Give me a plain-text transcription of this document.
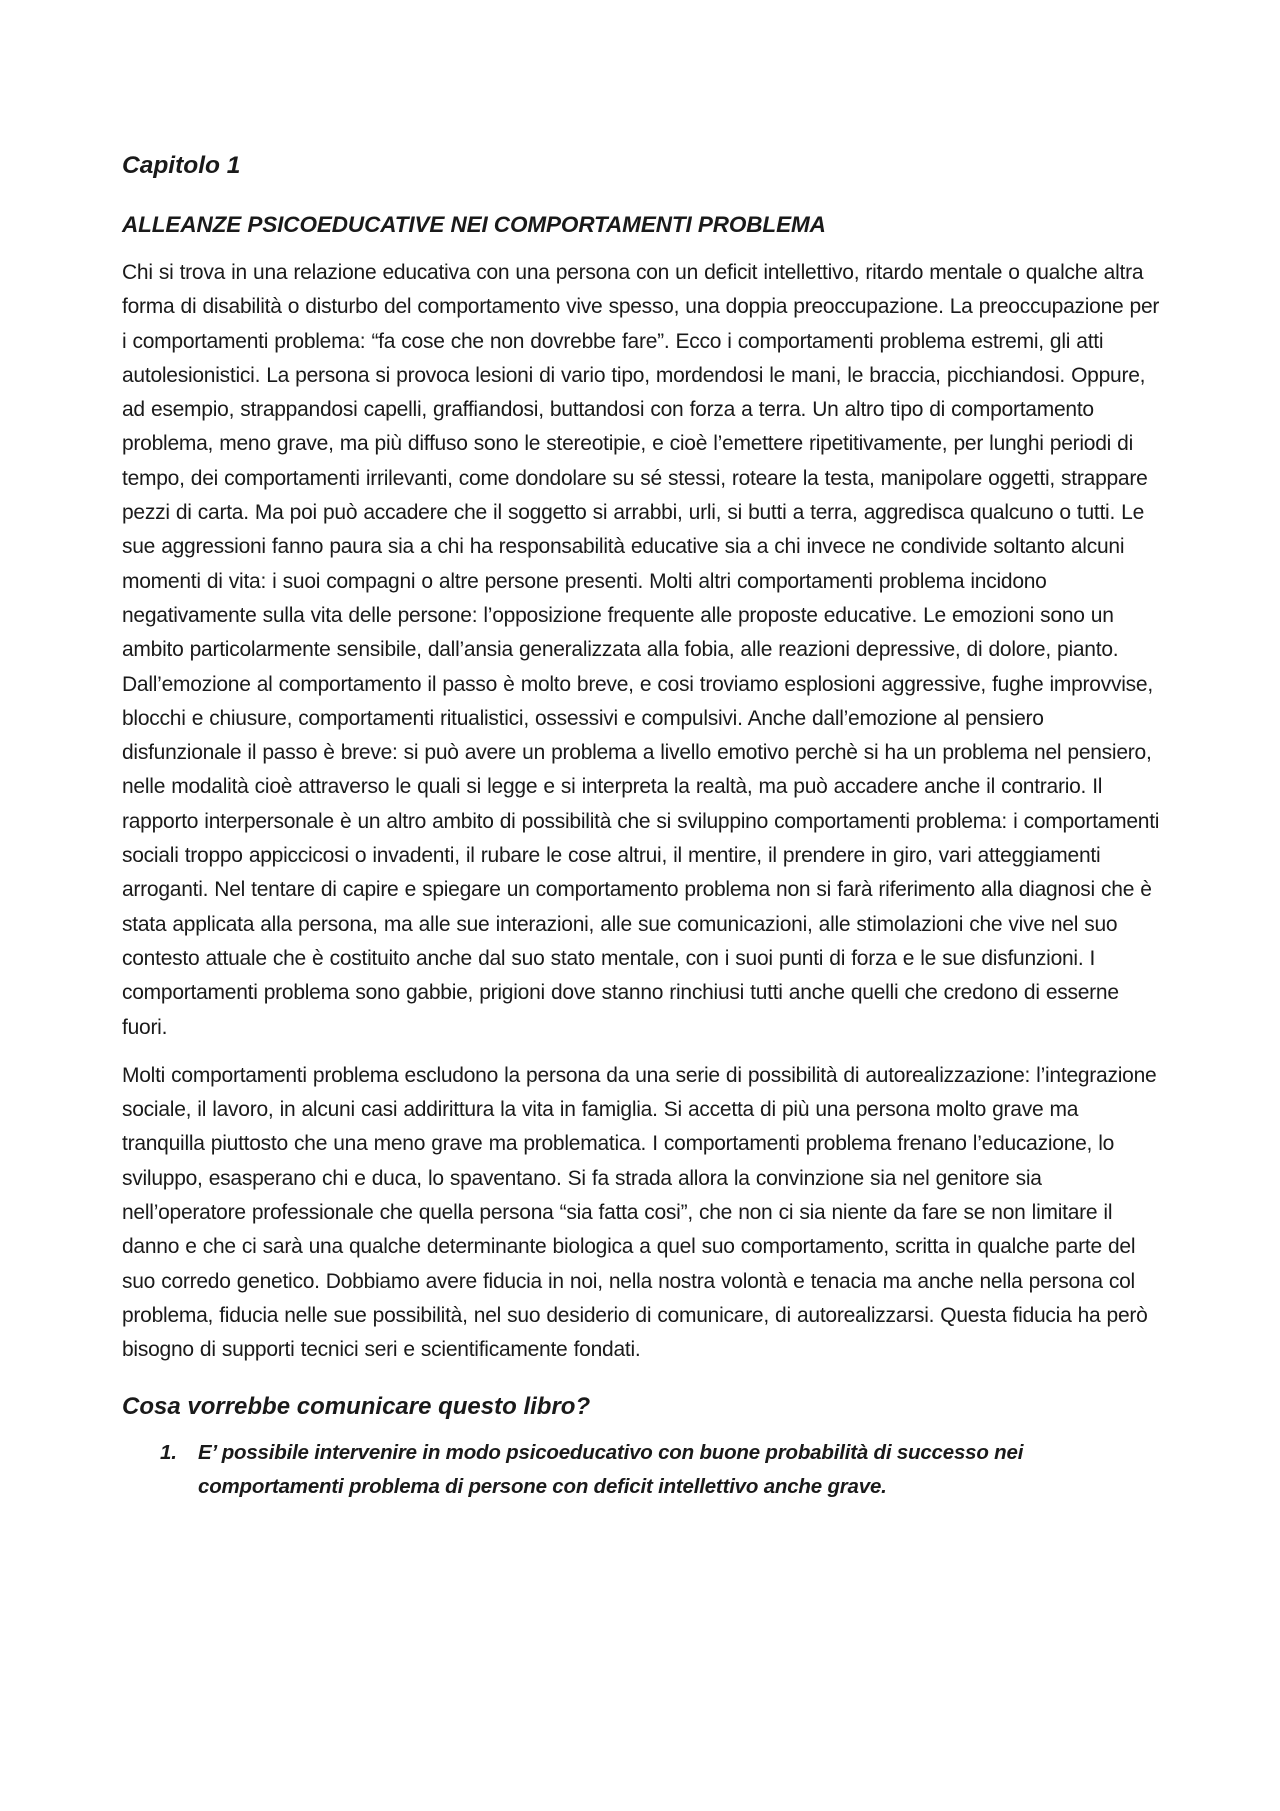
Capitolo 1
ALLEANZE PSICOEDUCATIVE NEI COMPORTAMENTI PROBLEMA

Chi si trova in una relazione educativa con una persona con un deficit intellettivo, ritardo mentale o qualche altra forma di disabilità o disturbo del comportamento vive spesso, una doppia preoccupazione. La preoccupazione per i comportamenti problema: “fa cose che non dovrebbe fare”. Ecco i comportamenti problema estremi, gli atti autolesionistici. La persona si provoca lesioni di vario tipo, mordendosi le mani, le braccia, picchiandosi. Oppure, ad esempio, strappandosi capelli, graffiandosi, buttandosi con forza a terra. Un altro tipo di comportamento problema, meno grave, ma più diffuso sono le stereotipie, e cioè l’emettere ripetitivamente, per lunghi periodi di tempo, dei comportamenti irrilevanti, come dondolare su sé stessi, roteare la testa, manipolare oggetti, strappare pezzi di carta. Ma poi può accadere che il soggetto si arrabbi, urli, si butti a terra, aggredisca qualcuno o tutti. Le sue aggressioni fanno paura sia a chi ha responsabilità educative sia a chi invece ne condivide soltanto alcuni momenti di vita: i suoi compagni o altre persone presenti. Molti altri comportamenti problema incidono negativamente sulla vita delle persone: l’opposizione frequente alle proposte educative. Le emozioni sono un ambito particolarmente sensibile, dall’ansia generalizzata alla fobia, alle reazioni depressive, di dolore, pianto. Dall’emozione al comportamento il passo è molto breve, e cosi troviamo esplosioni aggressive, fughe improvvise, blocchi e chiusure, comportamenti ritualistici, ossessivi e compulsivi. Anche dall’emozione al pensiero disfunzionale il passo è breve: si può avere un problema a livello emotivo perchè si ha un problema nel pensiero, nelle modalità cioè attraverso le quali si legge e si interpreta la realtà, ma può accadere anche il contrario. Il rapporto interpersonale è un altro ambito di possibilità che si sviluppino comportamenti problema: i comportamenti sociali troppo appiccicosi o invadenti, il rubare le cose altrui, il mentire, il prendere in giro, vari atteggiamenti arroganti. Nel tentare di capire e spiegare un comportamento problema non si farà riferimento alla diagnosi che è stata applicata alla persona, ma alle sue interazioni, alle sue comunicazioni, alle stimolazioni che vive nel suo contesto attuale che è costituito anche dal suo stato mentale, con i suoi punti di forza e le sue disfunzioni. I comportamenti problema sono gabbie, prigioni dove stanno rinchiusi tutti anche quelli che credono di esserne fuori.

Molti comportamenti problema escludono la persona da una serie di possibilità di autorealizzazione: l’integrazione sociale, il lavoro, in alcuni casi addirittura la vita in famiglia. Si accetta di più una persona molto grave ma tranquilla piuttosto che una meno grave ma problematica. I comportamenti problema frenano l’educazione, lo sviluppo, esasperano chi e duca, lo spaventano. Si fa strada allora la convinzione sia nel genitore sia nell’operatore professionale che quella persona “sia fatta cosi”, che non ci sia niente da fare se non limitare il danno e che ci sarà una qualche determinante biologica a quel suo comportamento, scritta in qualche parte del suo corredo genetico. Dobbiamo avere fiducia in noi, nella nostra volontà e tenacia ma anche nella persona col problema, fiducia nelle sue possibilità, nel suo desiderio di comunicare, di autorealizzarsi. Questa fiducia ha però bisogno di supporti tecnici seri e scientificamente fondati.

Cosa vorrebbe comunicare questo libro?
1.	E’ possibile intervenire in modo psicoeducativo con buone probabilità di successo nei comportamenti problema di persone con deficit intellettivo anche grave.
